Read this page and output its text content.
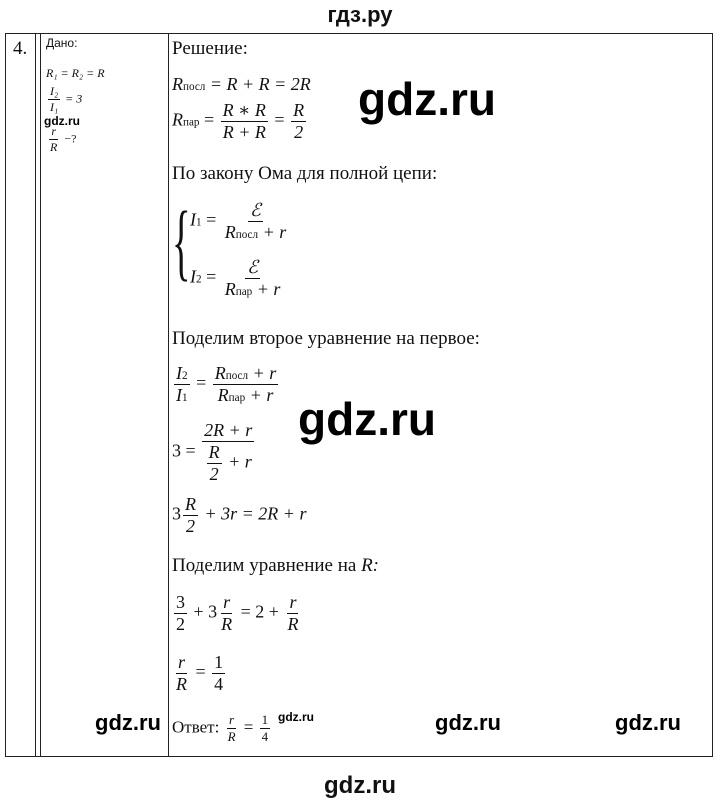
гдз.ру
4. Дано:
R₁ = R₂ = R
$\frac{\text{I₂}}{\text{I₁}} = 3$
$\frac{r}{R}$ −?
Решение:
Rпосл = R + R = 2R
Rпар = $\frac{R ∗ R}{R + R} = \frac{R}{2}$
По закону Ома для полной цепи:
{ $I1 = \frac{\text{ℰ}}{\text{Rпосл + r}}$
$I2 = \frac{\text{ℰ}}{\text{Rпар + r}}$
Поделим второе уравнение на первое:
$\frac{I2}{I1} = \frac{\text{Rпосл + r}}{\text{Rпар + r}}$
$3 = \frac{2R + r}{\frac{R}{2} + r}$
$3 \frac{R}{2} + 3r = 2R + r$
Поделим уравнение на R:
$\frac{3}{2} + 3 \frac{r}{R} = 2 + \frac{r}{R}$
$\frac{r}{R} = \frac{1}{4}$
Ответ: $\frac{r}{R} = \frac{1}{4}$
gdz.ru
gdz.ru
gdz.ru
gdz.ru	gdz.ru	gdz.ru	gdz.ru
gdz.ru
